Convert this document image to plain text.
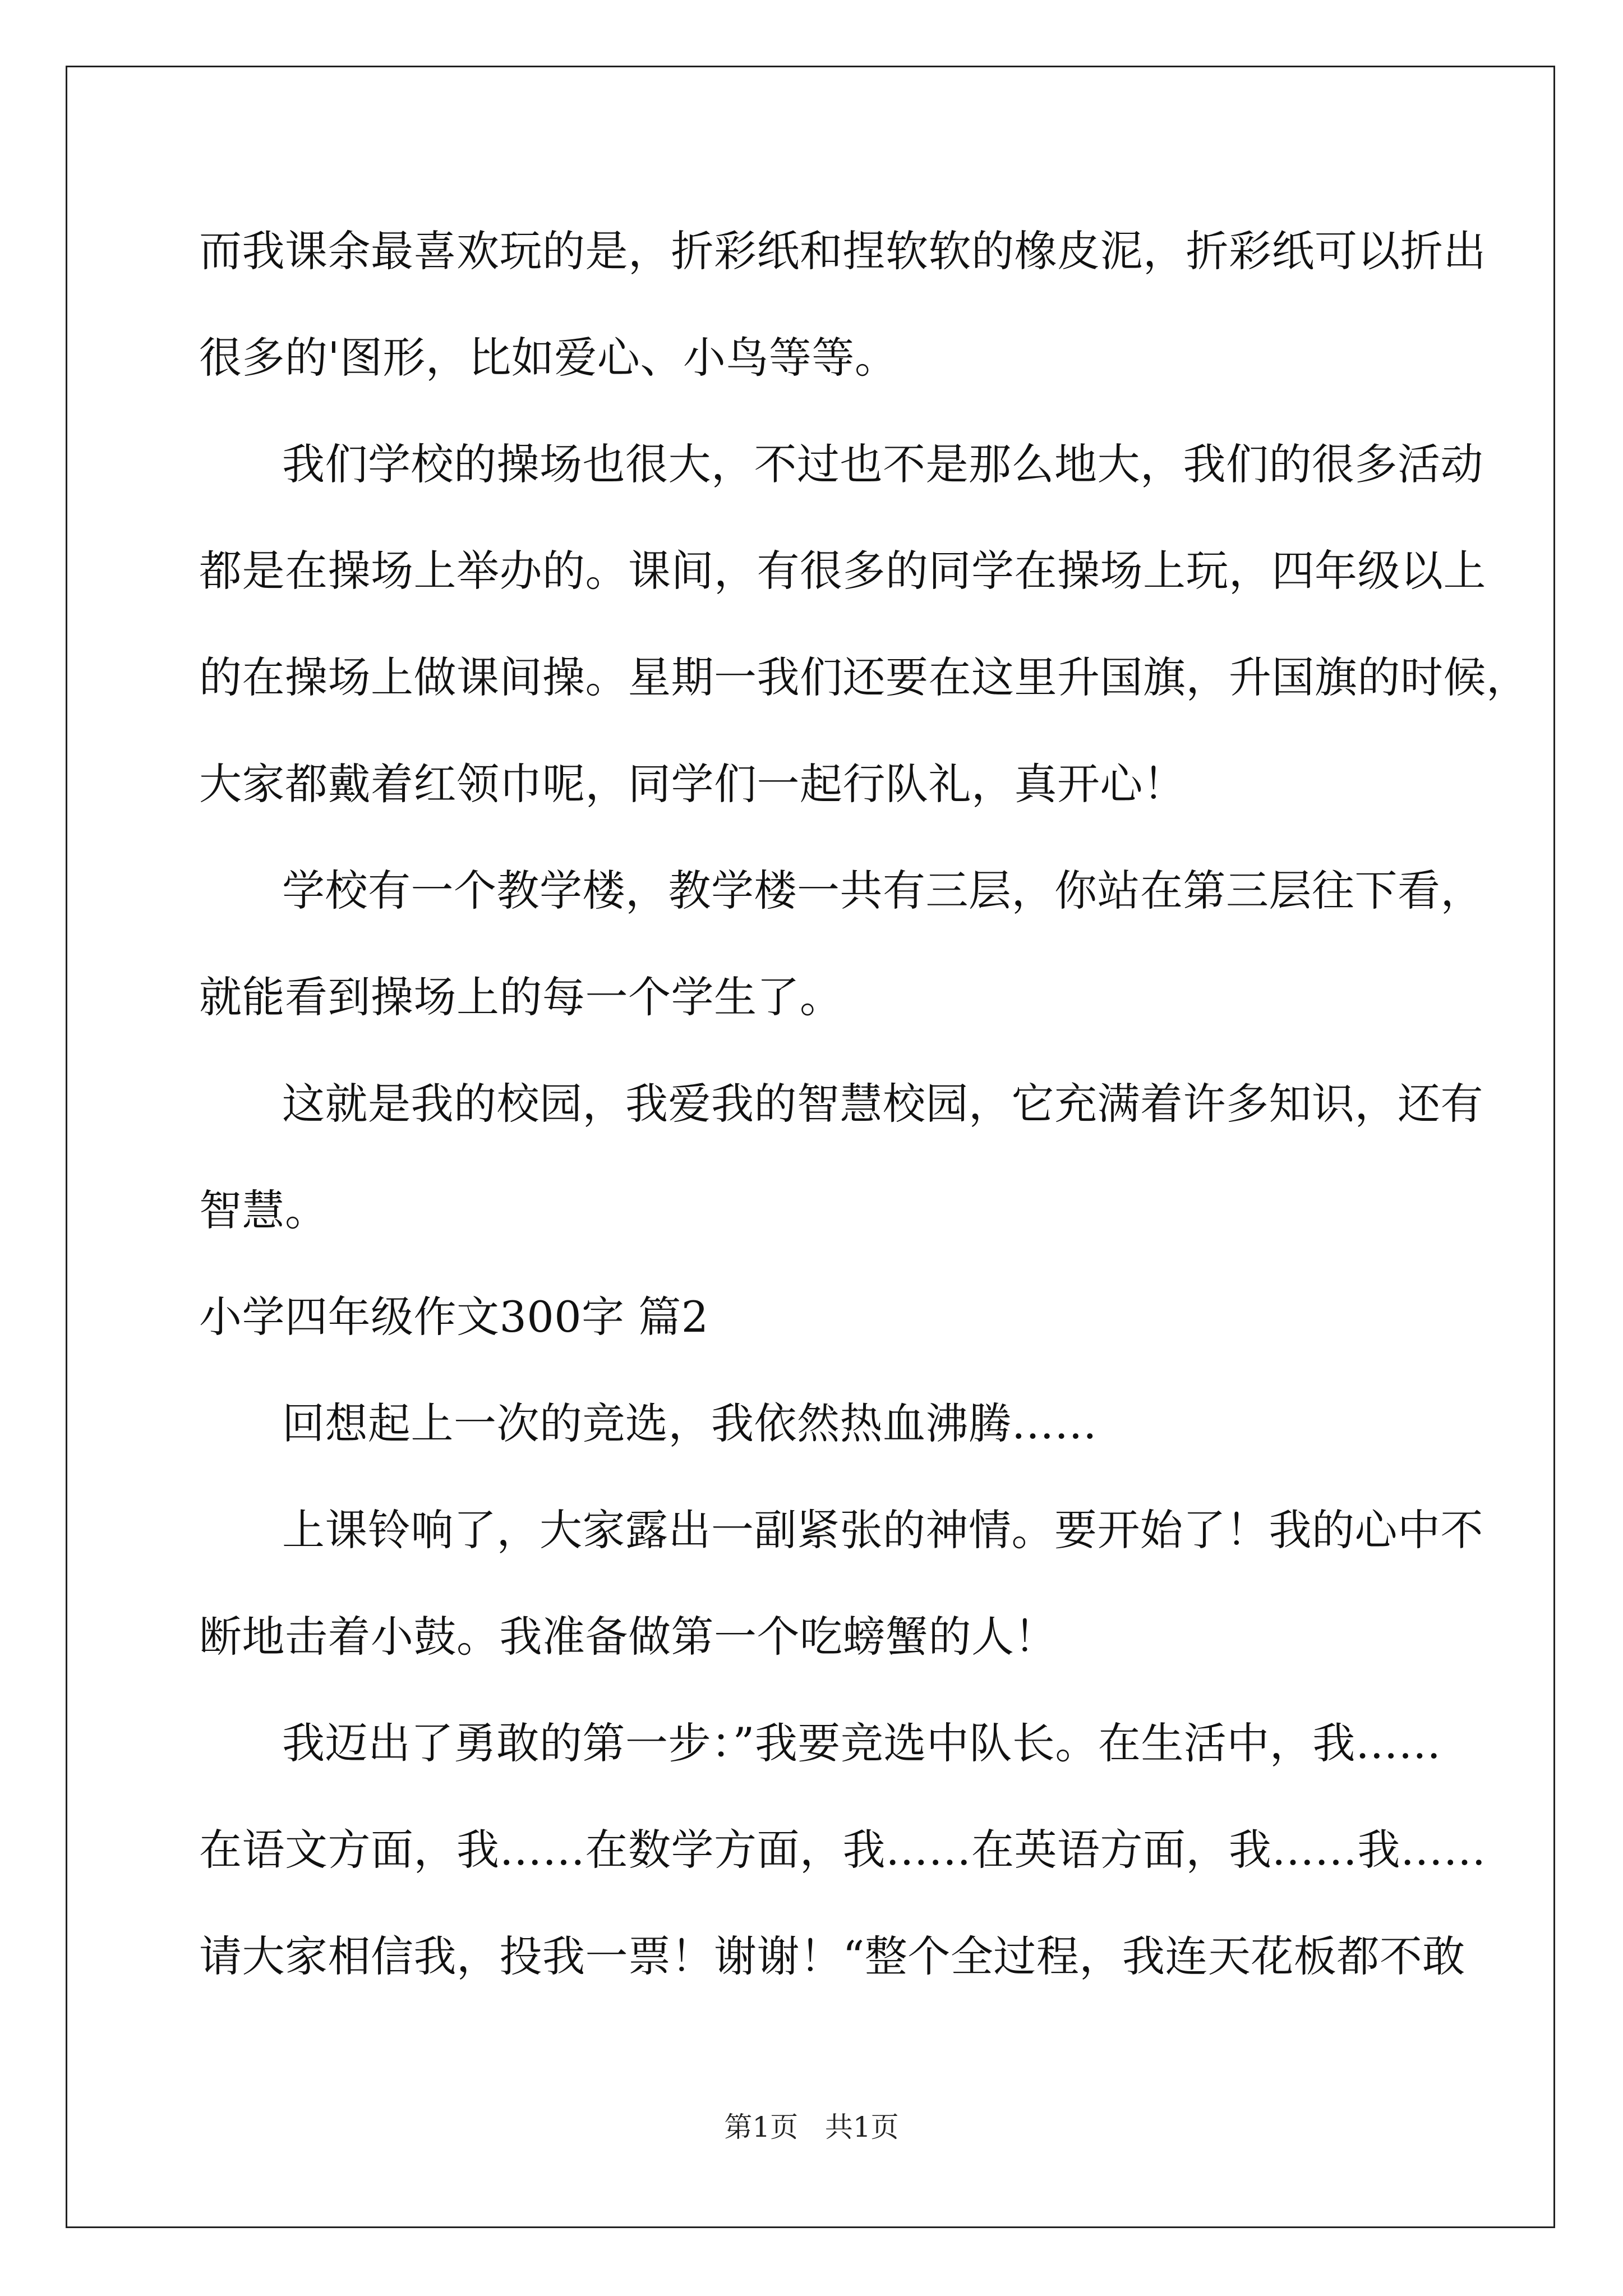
而我课余最喜欢玩的是，折彩纸和捏软软的橡皮泥，折彩纸可以折出
很多的'图形，比如爱心、小鸟等等。
我们学校的操场也很大，不过也不是那么地大，我们的很多活动
都是在操场上举办的。课间，有很多的同学在操场上玩，四年级以上
的在操场上做课间操。星期一我们还要在这里升国旗，升国旗的时候，
大家都戴着红领巾呢，同学们一起行队礼，真开心！
学校有一个教学楼，教学楼一共有三层，你站在第三层往下看，
就能看到操场上的每一个学生了。
这就是我的校园，我爱我的智慧校园，它充满着许多知识，还有
智慧。
小学四年级作文300字 篇2
回想起上一次的竞选，我依然热血沸腾……
上课铃响了，大家露出一副紧张的神情。要开始了！我的心中不
断地击着小鼓。我准备做第一个吃螃蟹的人！
我迈出了勇敢的第一步：”我要竞选中队长。在生活中，我……
在语文方面，我……在数学方面，我……在英语方面，我……我……
请大家相信我，投我一票！谢谢！“整个全过程，我连天花板都不敢
第1页   共1页
